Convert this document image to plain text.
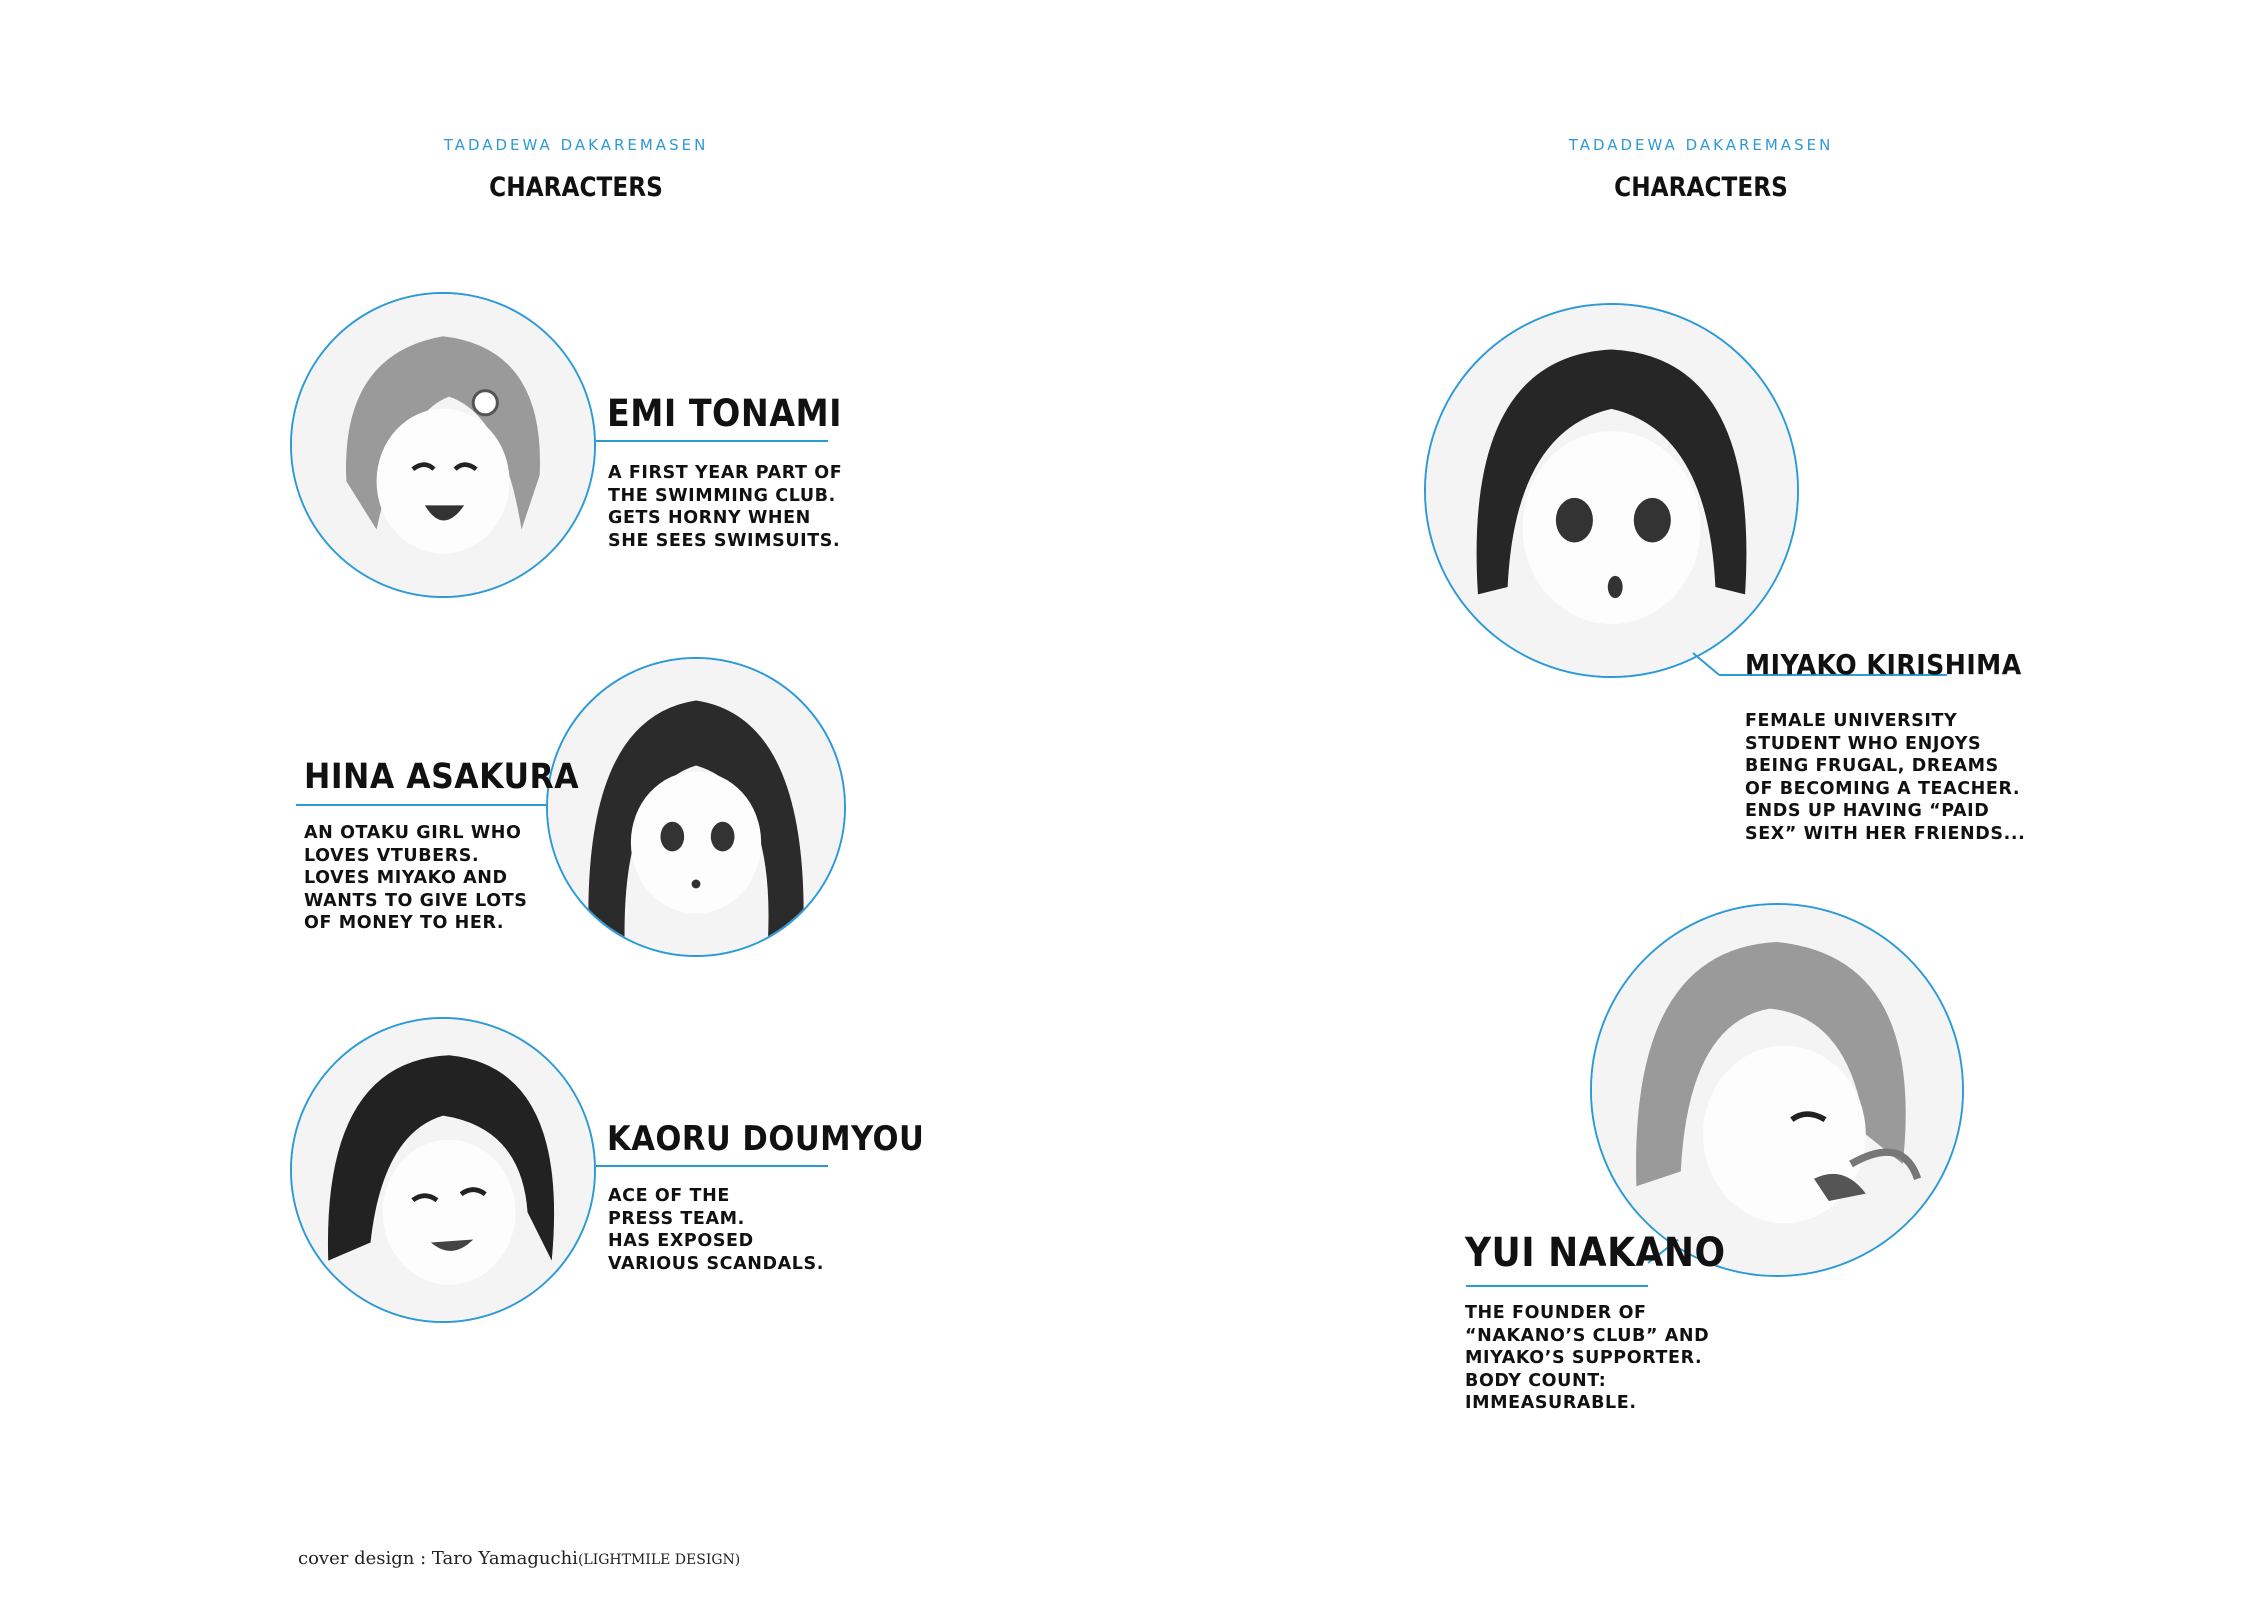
TADADEWA DAKAREMASEN
CHARACTERS
EMI TONAMI
A FIRST YEAR PART OF
THE SWIMMING CLUB.
GETS HORNY WHEN
SHE SEES SWIMSUITS.
HINA ASAKURA
AN OTAKU GIRL WHO
LOVES VTUBERS.
LOVES MIYAKO AND
WANTS TO GIVE LOTS
OF MONEY TO HER.
KAORU DOUMYOU
ACE OF THE
PRESS TEAM.
HAS EXPOSED
VARIOUS SCANDALS.
cover design : Taro Yamaguchi(LIGHTMILE DESIGN)
TADADEWA DAKAREMASEN
CHARACTERS
MIYAKO KIRISHIMA
FEMALE UNIVERSITY
STUDENT WHO ENJOYS
BEING FRUGAL, DREAMS
OF BECOMING A TEACHER.
ENDS UP HAVING “PAID
SEX” WITH HER FRIENDS...
YUI NAKANO
THE FOUNDER OF
“NAKANO’S CLUB” AND
MIYAKO’S SUPPORTER.
BODY COUNT:
IMMEASURABLE.
